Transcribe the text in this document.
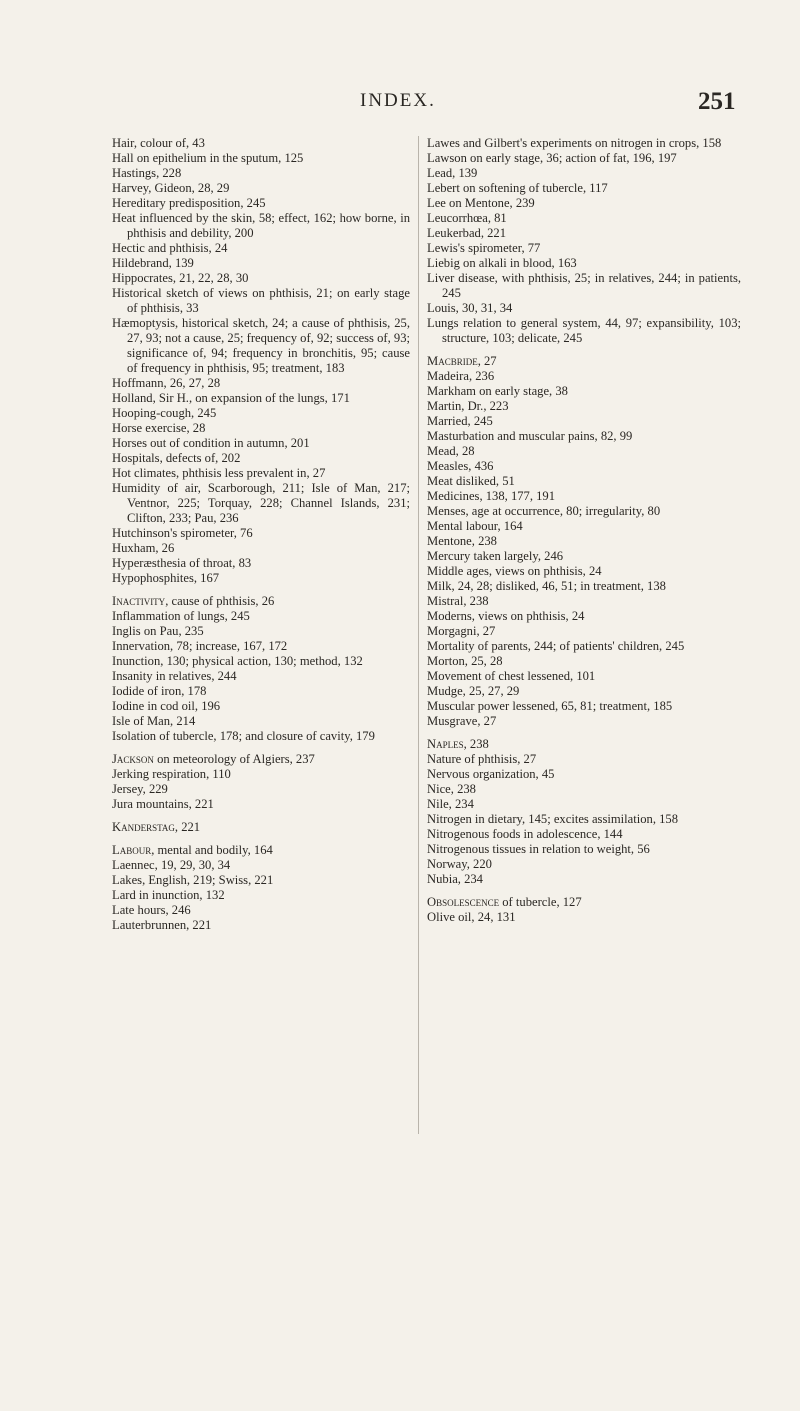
INDEX.	251
Hair, colour of, 43
Hall on epithelium in the sputum, 125
Hastings, 228
Harvey, Gideon, 28, 29
Hereditary predisposition, 245
Heat influenced by the skin, 58; effect, 162; how borne, in phthisis and debility, 200
Hectic and phthisis, 24
Hildebrand, 139
Hippocrates, 21, 22, 28, 30
Historical sketch of views on phthisis, 21; on early stage of phthisis, 33
Hæmoptysis, historical sketch, 24; a cause of phthisis, 25, 27, 93; not a cause, 25; frequency of, 92; success of, 93; significance of, 94; frequency in bronchitis, 95; cause of frequency in phthisis, 95; treatment, 183
Hoffmann, 26, 27, 28
Holland, Sir H., on expansion of the lungs, 171
Hooping-cough, 245
Horse exercise, 28
Horses out of condition in autumn, 201
Hospitals, defects of, 202
Hot climates, phthisis less prevalent in, 27
Humidity of air, Scarborough, 211; Isle of Man, 217; Ventnor, 225; Torquay, 228; Channel Islands, 231; Clifton, 233; Pau, 236
Hutchinson's spirometer, 76
Huxham, 26
Hyperæsthesia of throat, 83
Hypophosphites, 167
Inactivity, cause of phthisis, 26
Inflammation of lungs, 245
Inglis on Pau, 235
Innervation, 78; increase, 167, 172
Inunction, 130; physical action, 130; method, 132
Insanity in relatives, 244
Iodide of iron, 178
Iodine in cod oil, 196
Isle of Man, 214
Isolation of tubercle, 178; and closure of cavity, 179
Jackson on meteorology of Algiers, 237
Jerking respiration, 110
Jersey, 229
Jura mountains, 221
Kanderstag, 221
Labour, mental and bodily, 164
Laennec, 19, 29, 30, 34
Lakes, English, 219; Swiss, 221
Lard in inunction, 132
Late hours, 246
Lauterbrunnen, 221
Lawes and Gilbert's experiments on nitrogen in crops, 158
Lawson on early stage, 36; action of fat, 196, 197
Lead, 139
Lebert on softening of tubercle, 117
Lee on Mentone, 239
Leucorrhœa, 81
Leukerbad, 221
Lewis's spirometer, 77
Liebig on alkali in blood, 163
Liver disease, with phthisis, 25; in relatives, 244; in patients, 245
Louis, 30, 31, 34
Lungs relation to general system, 44, 97; expansibility, 103; structure, 103; delicate, 245
Macbride, 27
Madeira, 236
Markham on early stage, 38
Martin, Dr., 223
Married, 245
Masturbation and muscular pains, 82, 99
Mead, 28
Measles, 436
Meat disliked, 51
Medicines, 138, 177, 191
Menses, age at occurrence, 80; irregularity, 80
Mental labour, 164
Mentone, 238
Mercury taken largely, 246
Middle ages, views on phthisis, 24
Milk, 24, 28; disliked, 46, 51; in treatment, 138
Mistral, 238
Moderns, views on phthisis, 24
Morgagni, 27
Mortality of parents, 244; of patients' children, 245
Morton, 25, 28
Movement of chest lessened, 101
Mudge, 25, 27, 29
Muscular power lessened, 65, 81; treatment, 185
Musgrave, 27
Naples, 238
Nature of phthisis, 27
Nervous organization, 45
Nice, 238
Nile, 234
Nitrogen in dietary, 145; excites assimilation, 158
Nitrogenous foods in adolescence, 144
Nitrogenous tissues in relation to weight, 56
Norway, 220
Nubia, 234
Obsolescence of tubercle, 127
Olive oil, 24, 131
